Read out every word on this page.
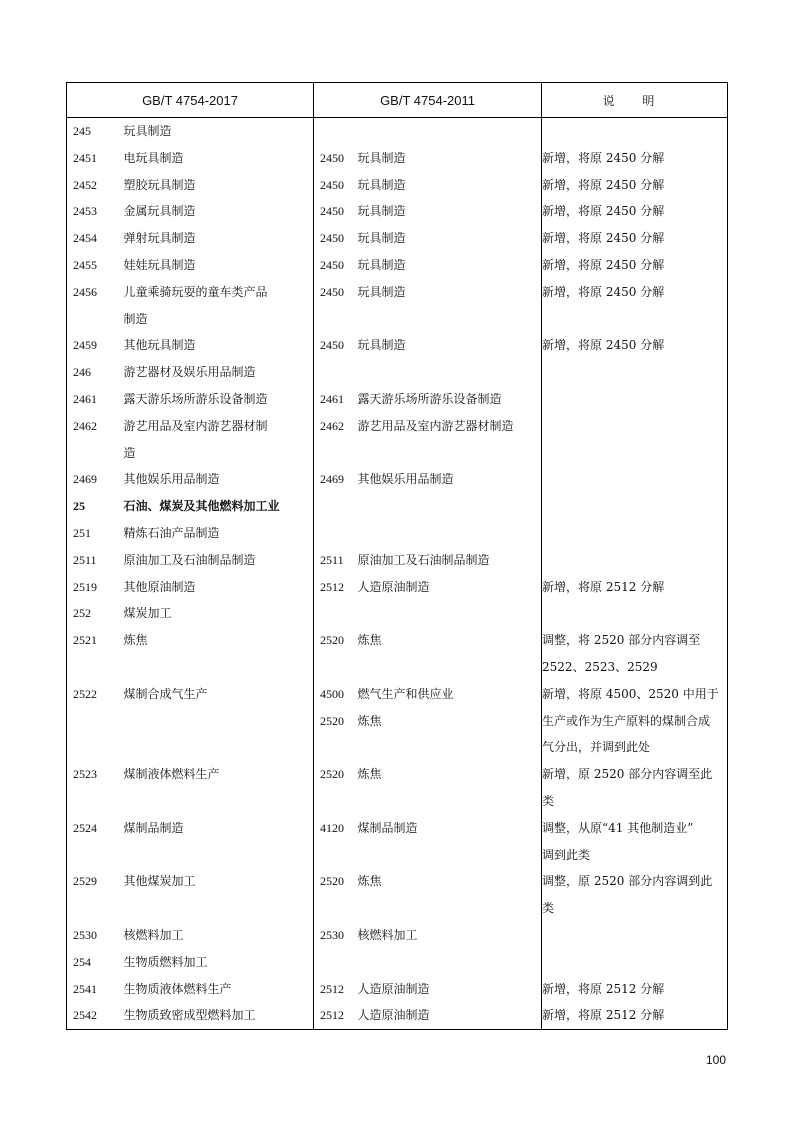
GB/T 4754-2017		GB/T 4754-2011		说 明
245	玩具制造			
2451	电玩具制造	2450	玩具制造	新增，将原 2450 分解
2452	塑胶玩具制造	2450	玩具制造	新增，将原 2450 分解
2453	金属玩具制造	2450	玩具制造	新增，将原 2450 分解
2454	弹射玩具制造	2450	玩具制造	新增，将原 2450 分解
2455	娃娃玩具制造	2450	玩具制造	新增，将原 2450 分解
2456	儿童乘骑玩耍的童车类产品	2450	玩具制造	新增，将原 2450 分解
	制造			
2459	其他玩具制造	2450	玩具制造	新增，将原 2450 分解
246	游艺器材及娱乐用品制造			
2461	露天游乐场所游乐设备制造	2461	露天游乐场所游乐设备制造	
2462	游艺用品及室内游艺器材制	2462	游艺用品及室内游艺器材制造	
	造			
2469	其他娱乐用品制造	2469	其他娱乐用品制造	
25	石油、煤炭及其他燃料加工业			
251	精炼石油产品制造			
2511	原油加工及石油制品制造	2511	原油加工及石油制品制造	
2519	其他原油制造	2512	人造原油制造	新增，将原 2512 分解
252	煤炭加工			
2521	炼焦	2520	炼焦	调整，将 2520 部分内容调至
				2522、2523、2529
2522	煤制合成气生产	4500	燃气生产和供应业	新增，将原 4500、2520 中用于
		2520	炼焦	生产或作为生产原料的煤制合成
				气分出，并调到此处
2523	煤制液体燃料生产	2520	炼焦	新增，原 2520 部分内容调至此
				类
2524	煤制品制造	4120	煤制品制造	调整，从原“41 其他制造业”
				调到此类
2529	其他煤炭加工	2520	炼焦	调整，原 2520 部分内容调到此
				类
2530	核燃料加工	2530	核燃料加工	
254	生物质燃料加工			
2541	生物质液体燃料生产	2512	人造原油制造	新增，将原 2512 分解
2542	生物质致密成型燃料加工	2512	人造原油制造	新增，将原 2512 分解
100
